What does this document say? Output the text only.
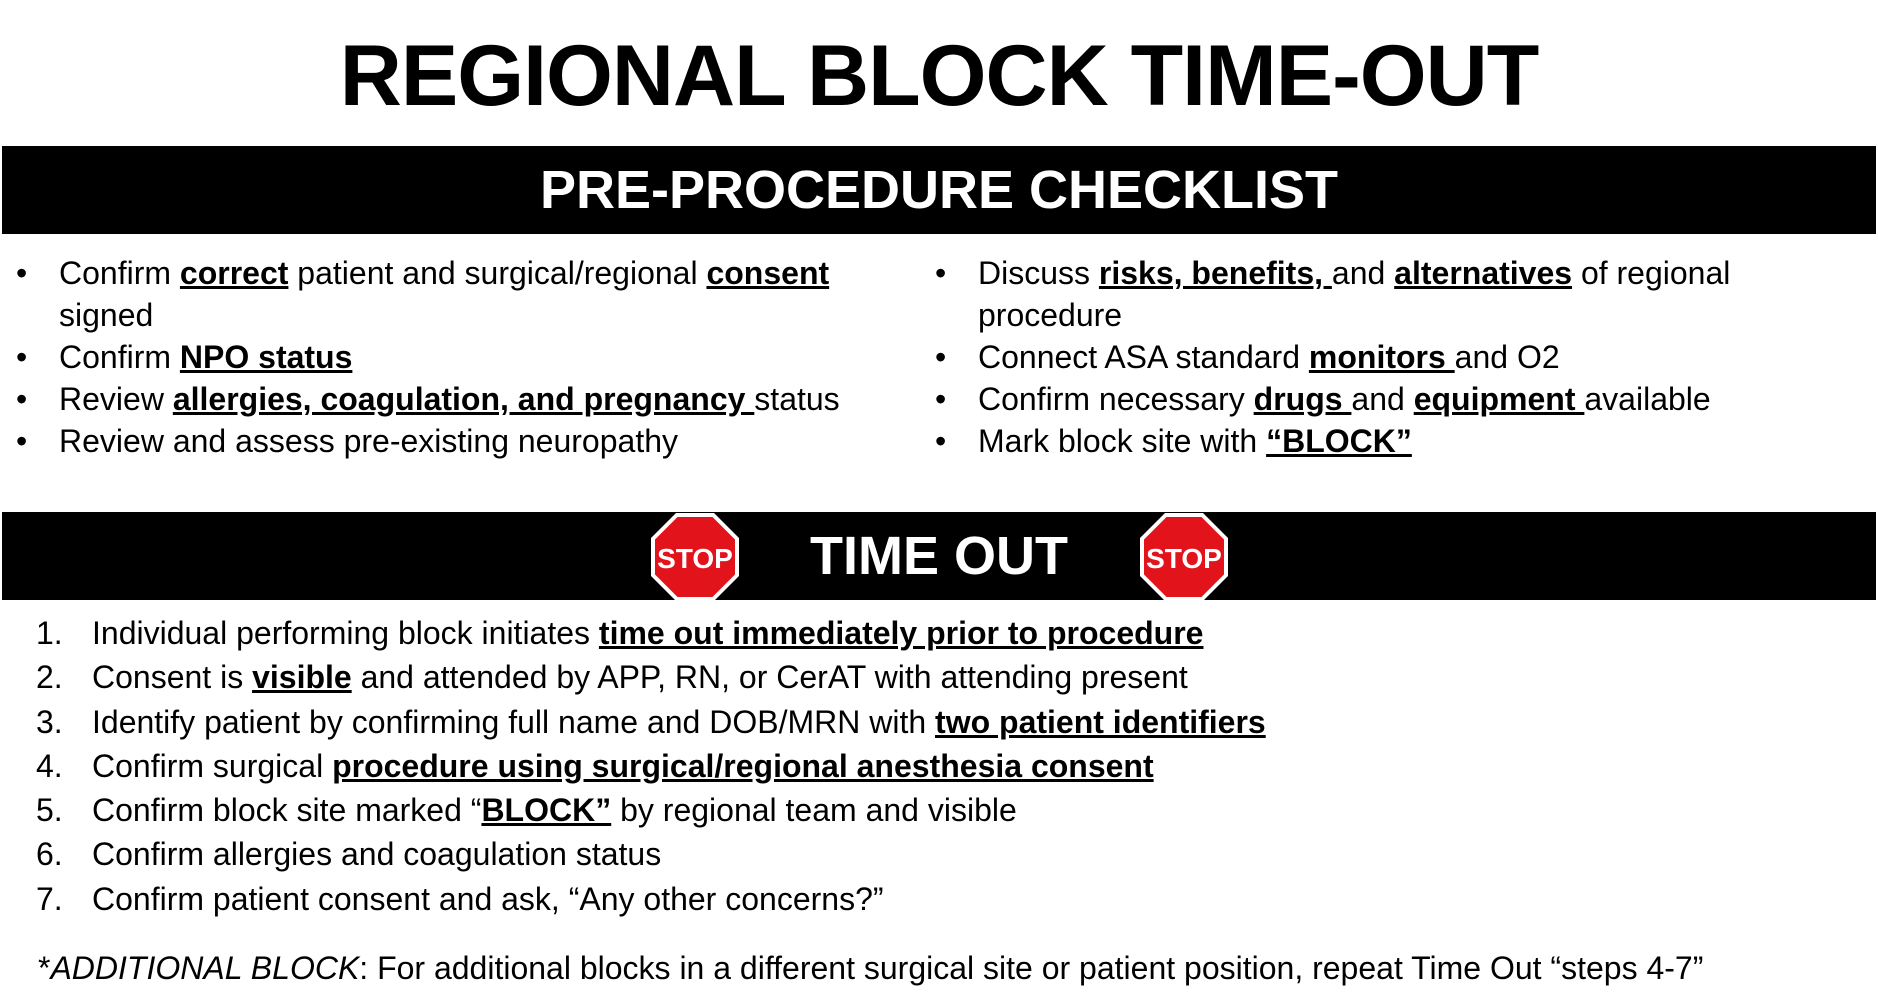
REGIONAL BLOCK TIME-OUT
PRE-PROCEDURE CHECKLIST
• Confirm correct patient and surgical/regional consent signed
• Confirm NPO status
• Review allergies, coagulation, and pregnancy status
• Review and assess pre-existing neuropathy
• Discuss risks, benefits, and alternatives of regional procedure
• Connect ASA standard monitors and O2
• Confirm necessary drugs and equipment available
• Mark block site with “BLOCK”
STOP	TIME OUT	STOP
1. Individual performing block initiates time out immediately prior to procedure
2. Consent is visible and attended by APP, RN, or CerAT with attending present
3. Identify patient by confirming full name and DOB/MRN with two patient identifiers
4. Confirm surgical procedure using surgical/regional anesthesia consent
5. Confirm block site marked “BLOCK” by regional team and visible
6. Confirm allergies and coagulation status
7. Confirm patient consent and ask, “Any other concerns?”
*ADDITIONAL BLOCK: For additional blocks in a different surgical site or patient position, repeat Time Out “steps 4-7”
